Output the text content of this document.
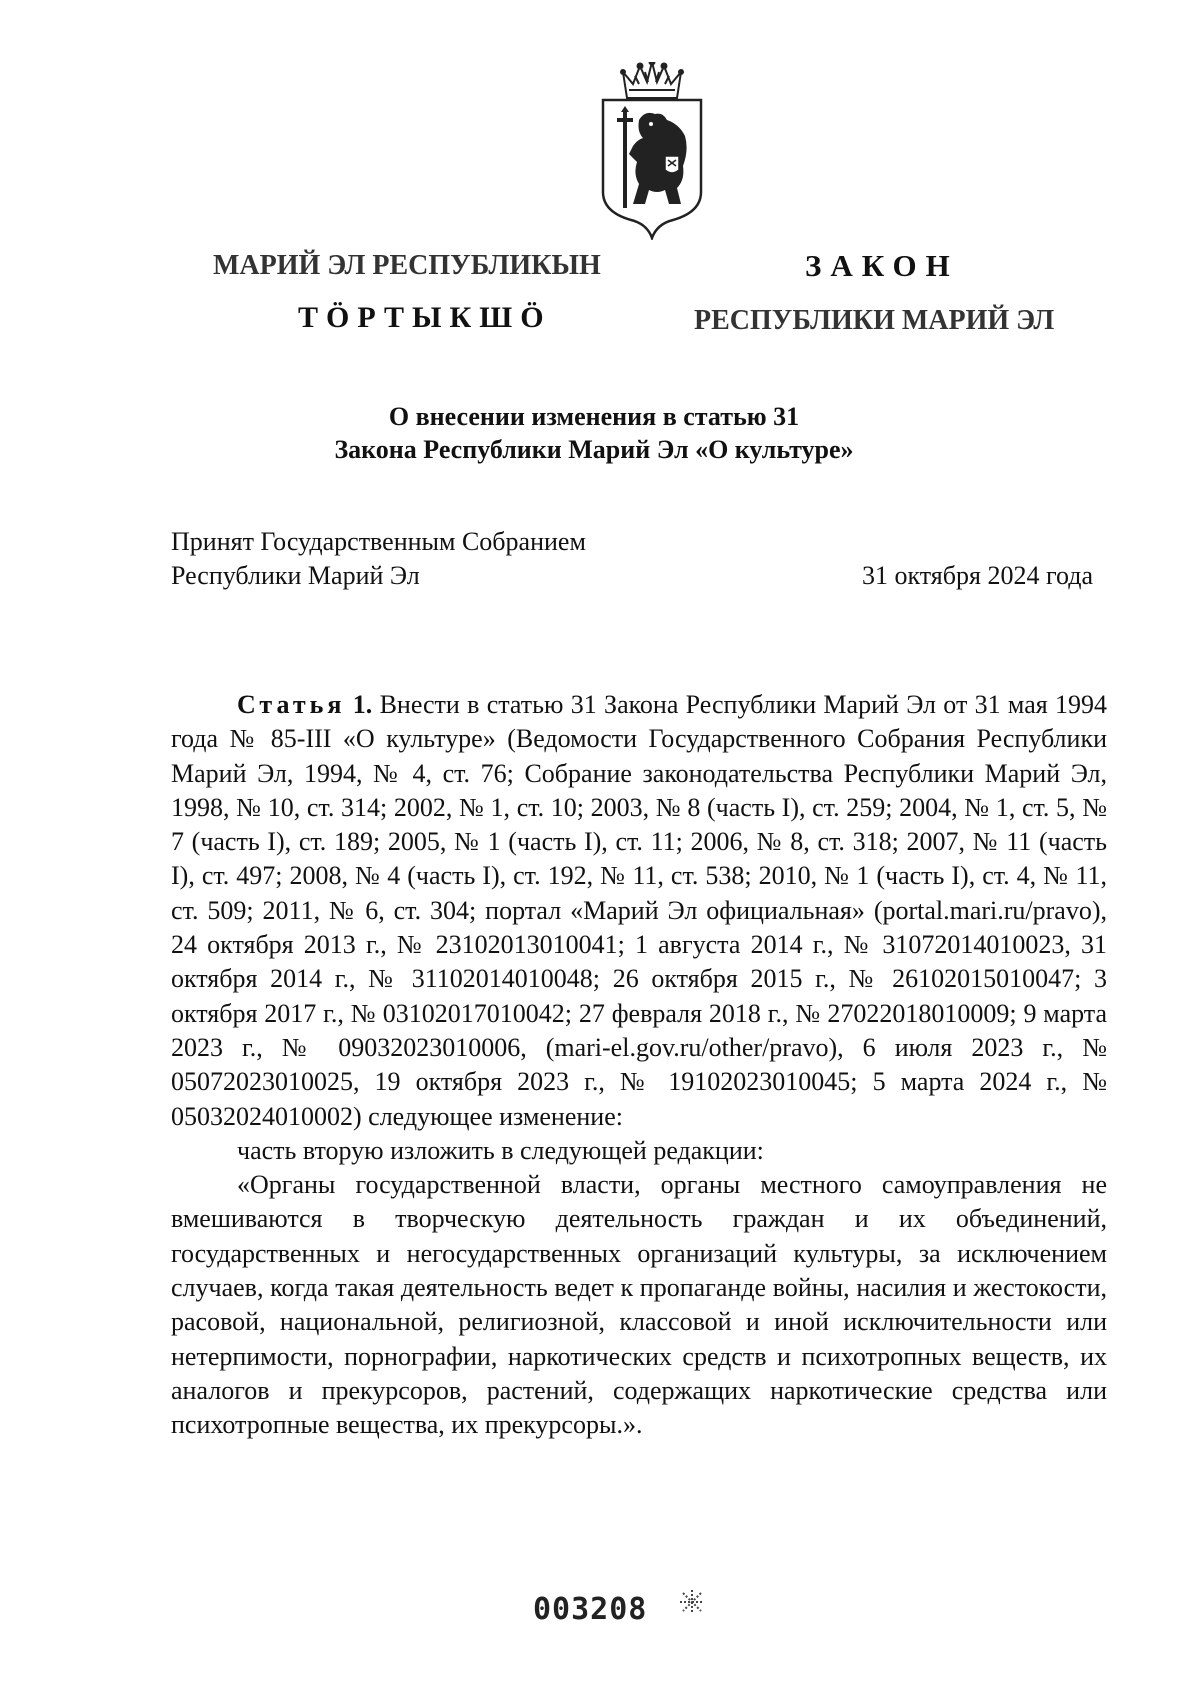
МАРИЙ ЭЛ РЕСПУБЛИКЫН	ЗАКОН
ТӦРТЫКШӦ	РЕСПУБЛИКИ МАРИЙ ЭЛ
О внесении изменения в статью 31
Закона Республики Марий Эл «О культуре»
Принят Государственным Собранием
Республики Марий Эл	31 октября 2024 года

Статья 1. Внести в статью 31 Закона Республики Марий Эл от 31 мая 1994 года № 85-III «О культуре» (Ведомости Государственного Собрания Республики Марий Эл, 1994, № 4, ст. 76; Собрание законодательства Республики Марий Эл, 1998, № 10, ст. 314; 2002, № 1, ст. 10; 2003, № 8 (часть I), ст. 259; 2004, № 1, ст. 5, № 7 (часть I), ст. 189; 2005, № 1 (часть I), ст. 11; 2006, № 8, ст. 318; 2007, № 11 (часть I), ст. 497; 2008, № 4 (часть I), ст. 192, № 11, ст. 538; 2010, № 1 (часть I), ст. 4, № 11, ст. 509; 2011, № 6, ст. 304; портал «Марий Эл официальная» (portal.mari.ru/pravo), 24 октября 2013 г., № 23102013010041; 1 августа 2014 г., № 31072014010023, 31 октября 2014 г., № 31102014010048; 26 октября 2015 г., № 26102015010047; 3 октября 2017 г., № 03102017010042; 27 февраля 2018 г., № 27022018010009; 9 марта 2023 г., № 09032023010006, (mari-el.gov.ru/other/pravo), 6 июля 2023 г., № 05072023010025, 19 октября 2023 г., № 19102023010045; 5 марта 2024 г., № 05032024010002) следующее изменение:

часть вторую изложить в следующей редакции:

«Органы государственной власти, органы местного самоуправления не вмешиваются в творческую деятельность граждан и их объединений, государственных и негосударственных организаций культуры, за исключением случаев, когда такая деятельность ведет к пропаганде войны, насилия и жестокости, расовой, национальной, религиозной, классовой и иной исключительности или нетерпимости, порнографии, наркотических средств и психотропных веществ, их аналогов и прекурсоров, растений, содержащих наркотические средства или психотропные вещества, их прекурсоры.».

003208
